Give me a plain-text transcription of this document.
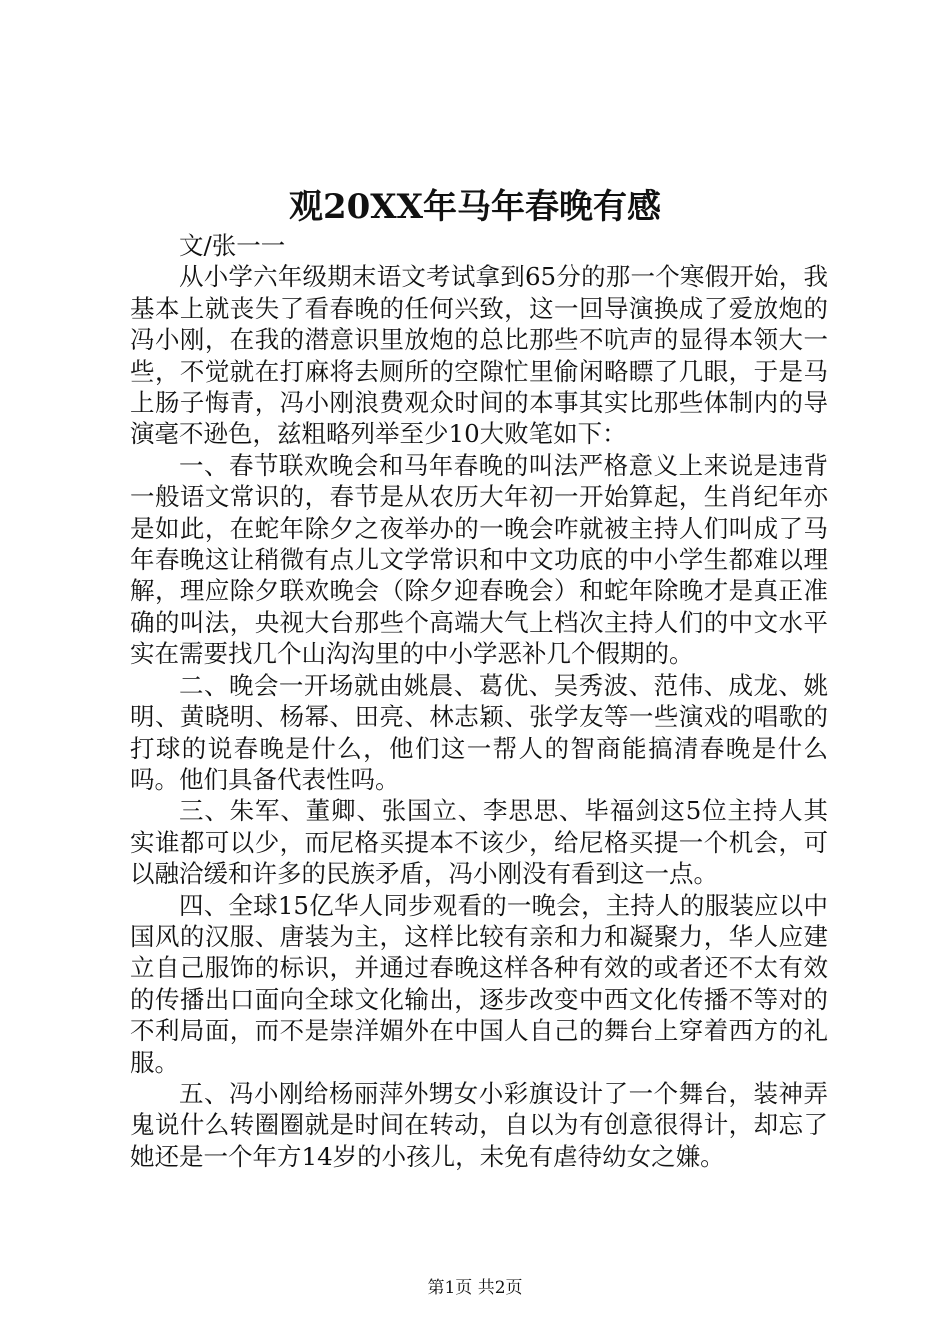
观20XX年马年春晚有感

文/张一一

从小学六年级期末语文考试拿到65分的那一个寒假开始，我基本上就丧失了看春晚的任何兴致，这一回导演换成了爱放炮的冯小刚，在我的潜意识里放炮的总比那些不吭声的显得本领大一些，不觉就在打麻将去厕所的空隙忙里偷闲略瞟了几眼，于是马上肠子悔青，冯小刚浪费观众时间的本事其实比那些体制内的导演毫不逊色，兹粗略列举至少10大败笔如下：

一、春节联欢晚会和马年春晚的叫法严格意义上来说是违背一般语文常识的，春节是从农历大年初一开始算起，生肖纪年亦是如此，在蛇年除夕之夜举办的一晚会咋就被主持人们叫成了马年春晚这让稍微有点儿文学常识和中文功底的中小学生都难以理解，理应除夕联欢晚会（除夕迎春晚会）和蛇年除晚才是真正准确的叫法，央视大台那些个高端大气上档次主持人们的中文水平实在需要找几个山沟沟里的中小学恶补几个假期的。

二、晚会一开场就由姚晨、葛优、吴秀波、范伟、成龙、姚明、黄晓明、杨幂、田亮、林志颖、张学友等一些演戏的唱歌的打球的说春晚是什么，他们这一帮人的智商能搞清春晚是什么吗。他们具备代表性吗。

三、朱军、董卿、张国立、李思思、毕福剑这5位主持人其实谁都可以少，而尼格买提本不该少，给尼格买提一个机会，可以融洽缓和许多的民族矛盾，冯小刚没有看到这一点。

四、全球15亿华人同步观看的一晚会，主持人的服装应以中国风的汉服、唐装为主，这样比较有亲和力和凝聚力，华人应建立自己服饰的标识，并通过春晚这样各种有效的或者还不太有效的传播出口面向全球文化输出，逐步改变中西文化传播不等对的不利局面，而不是崇洋媚外在中国人自己的舞台上穿着西方的礼服。

五、冯小刚给杨丽萍外甥女小彩旗设计了一个舞台，装神弄鬼说什么转圈圈就是时间在转动，自以为有创意很得计，却忘了她还是一个年方14岁的小孩儿，未免有虐待幼女之嫌。

第1页 共2页
